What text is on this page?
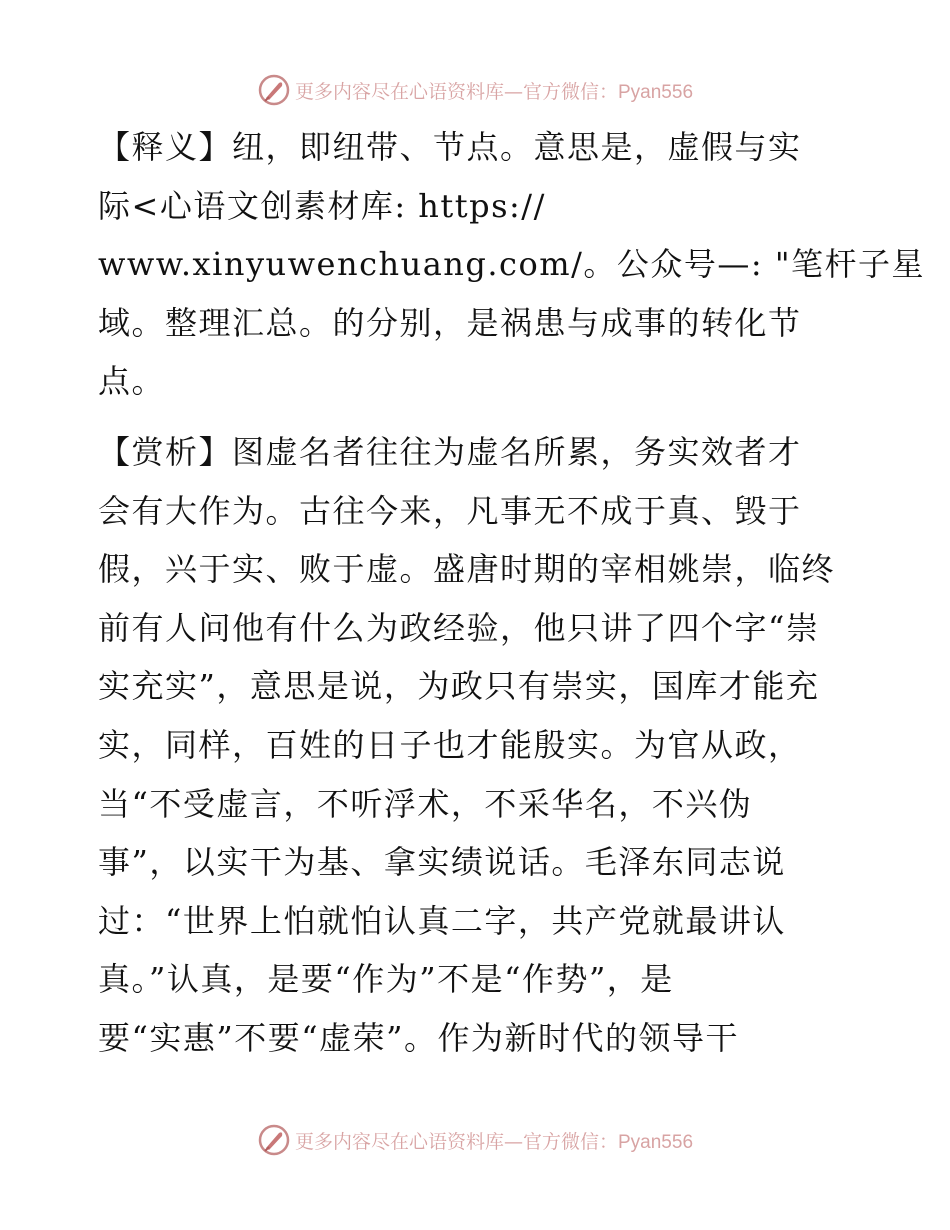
更多内容尽在心语资料库—官方微信：Pyan556
【释义】纽，即纽带、节点。意思是，虚假与实
际<心语文创素材库: https://
www.xinyuwenchuang.com/。公众号—: "笔杆子星
域。整理汇总。的分别，是祸患与成事的转化节
点。
【赏析】图虚名者往往为虚名所累，务实效者才
会有大作为。古往今来，凡事无不成于真、毁于
假，兴于实、败于虚。盛唐时期的宰相姚崇，临终
前有人问他有什么为政经验，他只讲了四个字“崇
实充实”，意思是说，为政只有崇实，国库才能充
实，同样，百姓的日子也才能殷实。为官从政，
当“不受虚言，不听浮术，不采华名，不兴伪
事”，以实干为基、拿实绩说话。毛泽东同志说
过：“世界上怕就怕认真二字，共产党就最讲认
真。”认真，是要“作为”不是“作势”，是
要“实惠”不要“虚荣”。作为新时代的领导干
更多内容尽在心语资料库—官方微信：Pyan556
